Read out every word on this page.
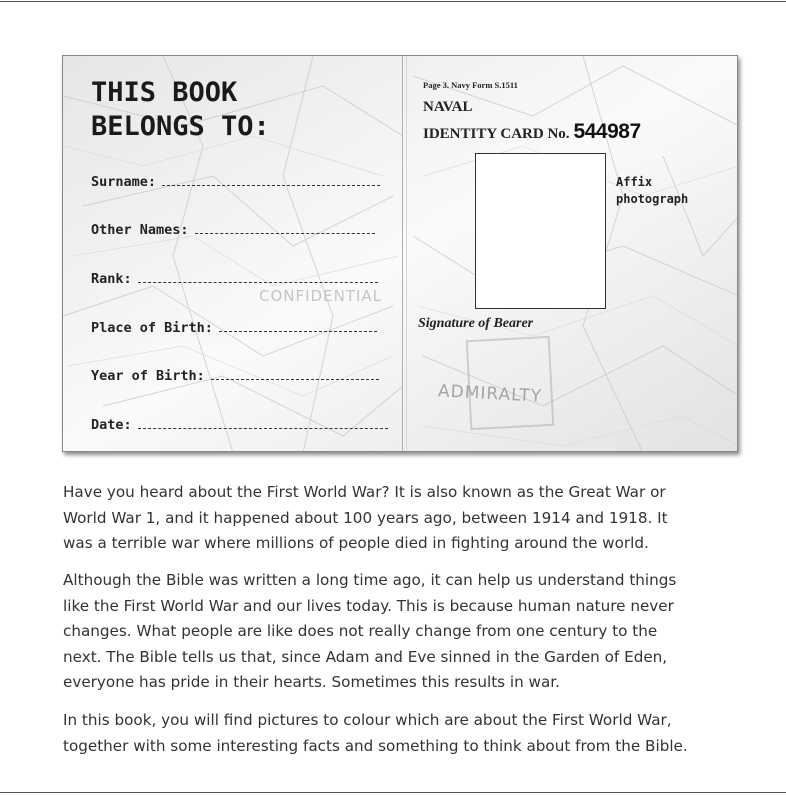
THIS BOOK
BELONGS TO:
Surname:
Other Names:
Rank:
Place of Birth:
Year of Birth:
Date:
CONFIDENTIAL
Page 3. Navy Form S.1511
NAVAL
IDENTITY CARD No. 544987
Affix
photograph
Signature of Bearer
ADMIRALTY
Have you heard about the First World War? It is also known as the Great War or
World War 1, and it happened about 100 years ago, between 1914 and 1918. It
was a terrible war where millions of people died in fighting around the world.
Although the Bible was written a long time ago, it can help us understand things
like the First World War and our lives today. This is because human nature never
changes. What people are like does not really change from one century to the
next. The Bible tells us that, since Adam and Eve sinned in the Garden of Eden,
everyone has pride in their hearts. Sometimes this results in war.
In this book, you will find pictures to colour which are about the First World War,
together with some interesting facts and something to think about from the Bible.
